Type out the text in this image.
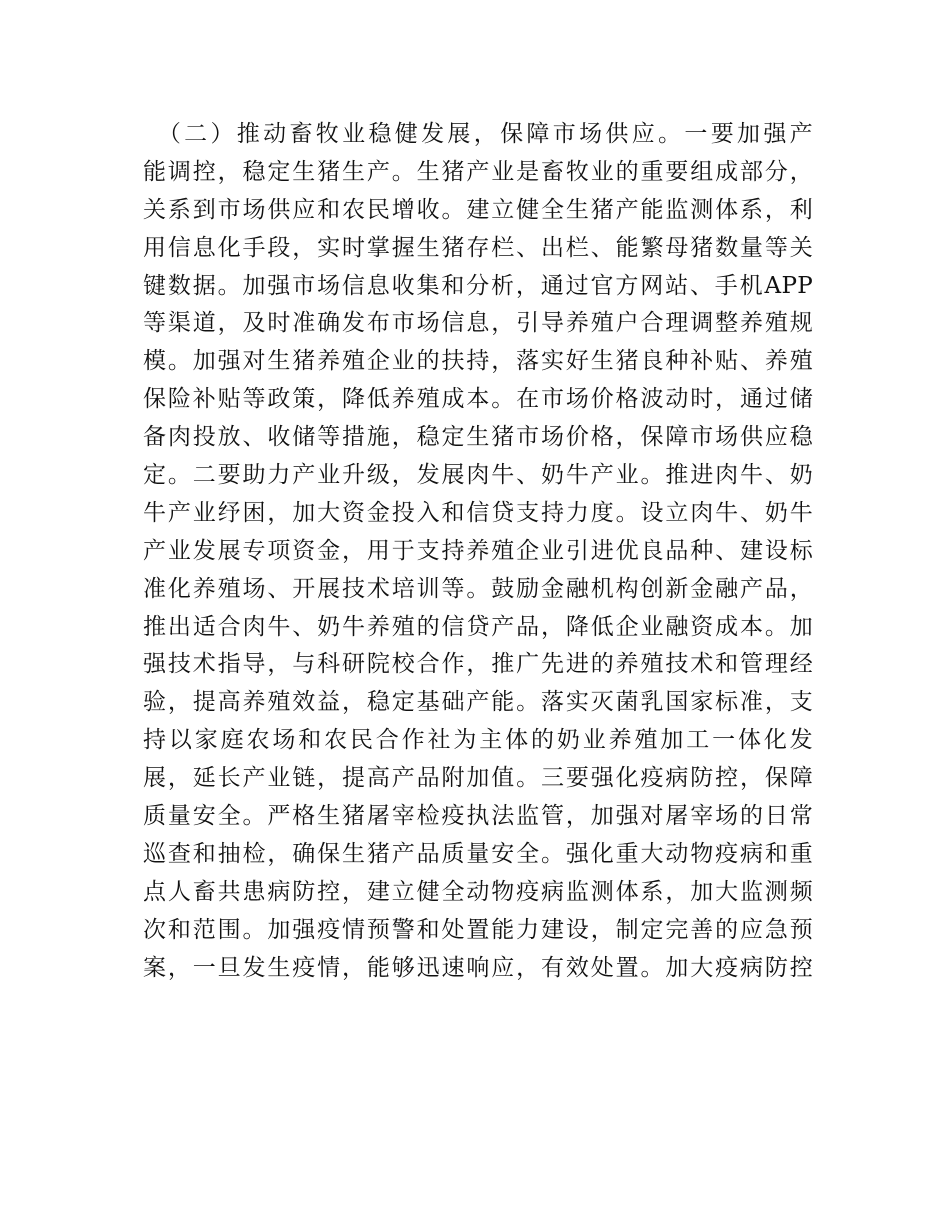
　（二）推动畜牧业稳健发展，保障市场供应。一要加强产
能调控，稳定生猪生产。生猪产业是畜牧业的重要组成部分，
关系到市场供应和农民增收。建立健全生猪产能监测体系，利
用信息化手段，实时掌握生猪存栏、出栏、能繁母猪数量等关
键数据。加强市场信息收集和分析，通过官方网站、手机APP
等渠道，及时准确发布市场信息，引导养殖户合理调整养殖规
模。加强对生猪养殖企业的扶持，落实好生猪良种补贴、养殖
保险补贴等政策，降低养殖成本。在市场价格波动时，通过储
备肉投放、收储等措施，稳定生猪市场价格，保障市场供应稳
定。二要助力产业升级，发展肉牛、奶牛产业。推进肉牛、奶
牛产业纾困，加大资金投入和信贷支持力度。设立肉牛、奶牛
产业发展专项资金，用于支持养殖企业引进优良品种、建设标
准化养殖场、开展技术培训等。鼓励金融机构创新金融产品，
推出适合肉牛、奶牛养殖的信贷产品，降低企业融资成本。加
强技术指导，与科研院校合作，推广先进的养殖技术和管理经
验，提高养殖效益，稳定基础产能。落实灭菌乳国家标准，支
持以家庭农场和农民合作社为主体的奶业养殖加工一体化发
展，延长产业链，提高产品附加值。三要强化疫病防控，保障
质量安全。严格生猪屠宰检疫执法监管，加强对屠宰场的日常
巡查和抽检，确保生猪产品质量安全。强化重大动物疫病和重
点人畜共患病防控，建立健全动物疫病监测体系，加大监测频
次和范围。加强疫情预警和处置能力建设，制定完善的应急预
案，一旦发生疫情，能够迅速响应，有效处置。加大疫病防控
